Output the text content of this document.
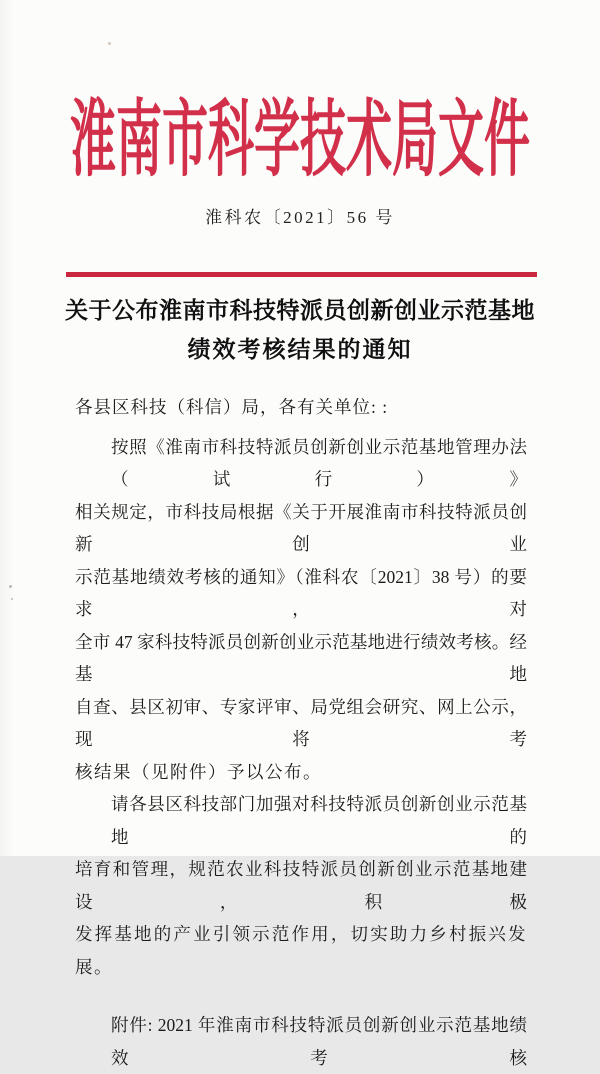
淮南市科学技术局文件
淮科农〔2021〕56 号
关于公布淮南市科技特派员创新创业示范基地
绩效考核结果的通知
各县区科技（科信）局，各有关单位: :
按照《淮南市科技特派员创新创业示范基地管理办法（试行）》
相关规定，市科技局根据《关于开展淮南市科技特派员创新创业
示范基地绩效考核的通知》（淮科农〔2021〕38 号）的要求，对
全市 47 家科技特派员创新创业示范基地进行绩效考核。经基地
自查、县区初审、专家评审、局党组会研究、网上公示，现将考
核结果（见附件）予以公布。
请各县区科技部门加强对科技特派员创新创业示范基地的
培育和管理，规范农业科技特派员创新创业示范基地建设，积极
发挥基地的产业引领示范作用，切实助力乡村振兴发展。
附件: 2021 年淮南市科技特派员创新创业示范基地绩效考核
